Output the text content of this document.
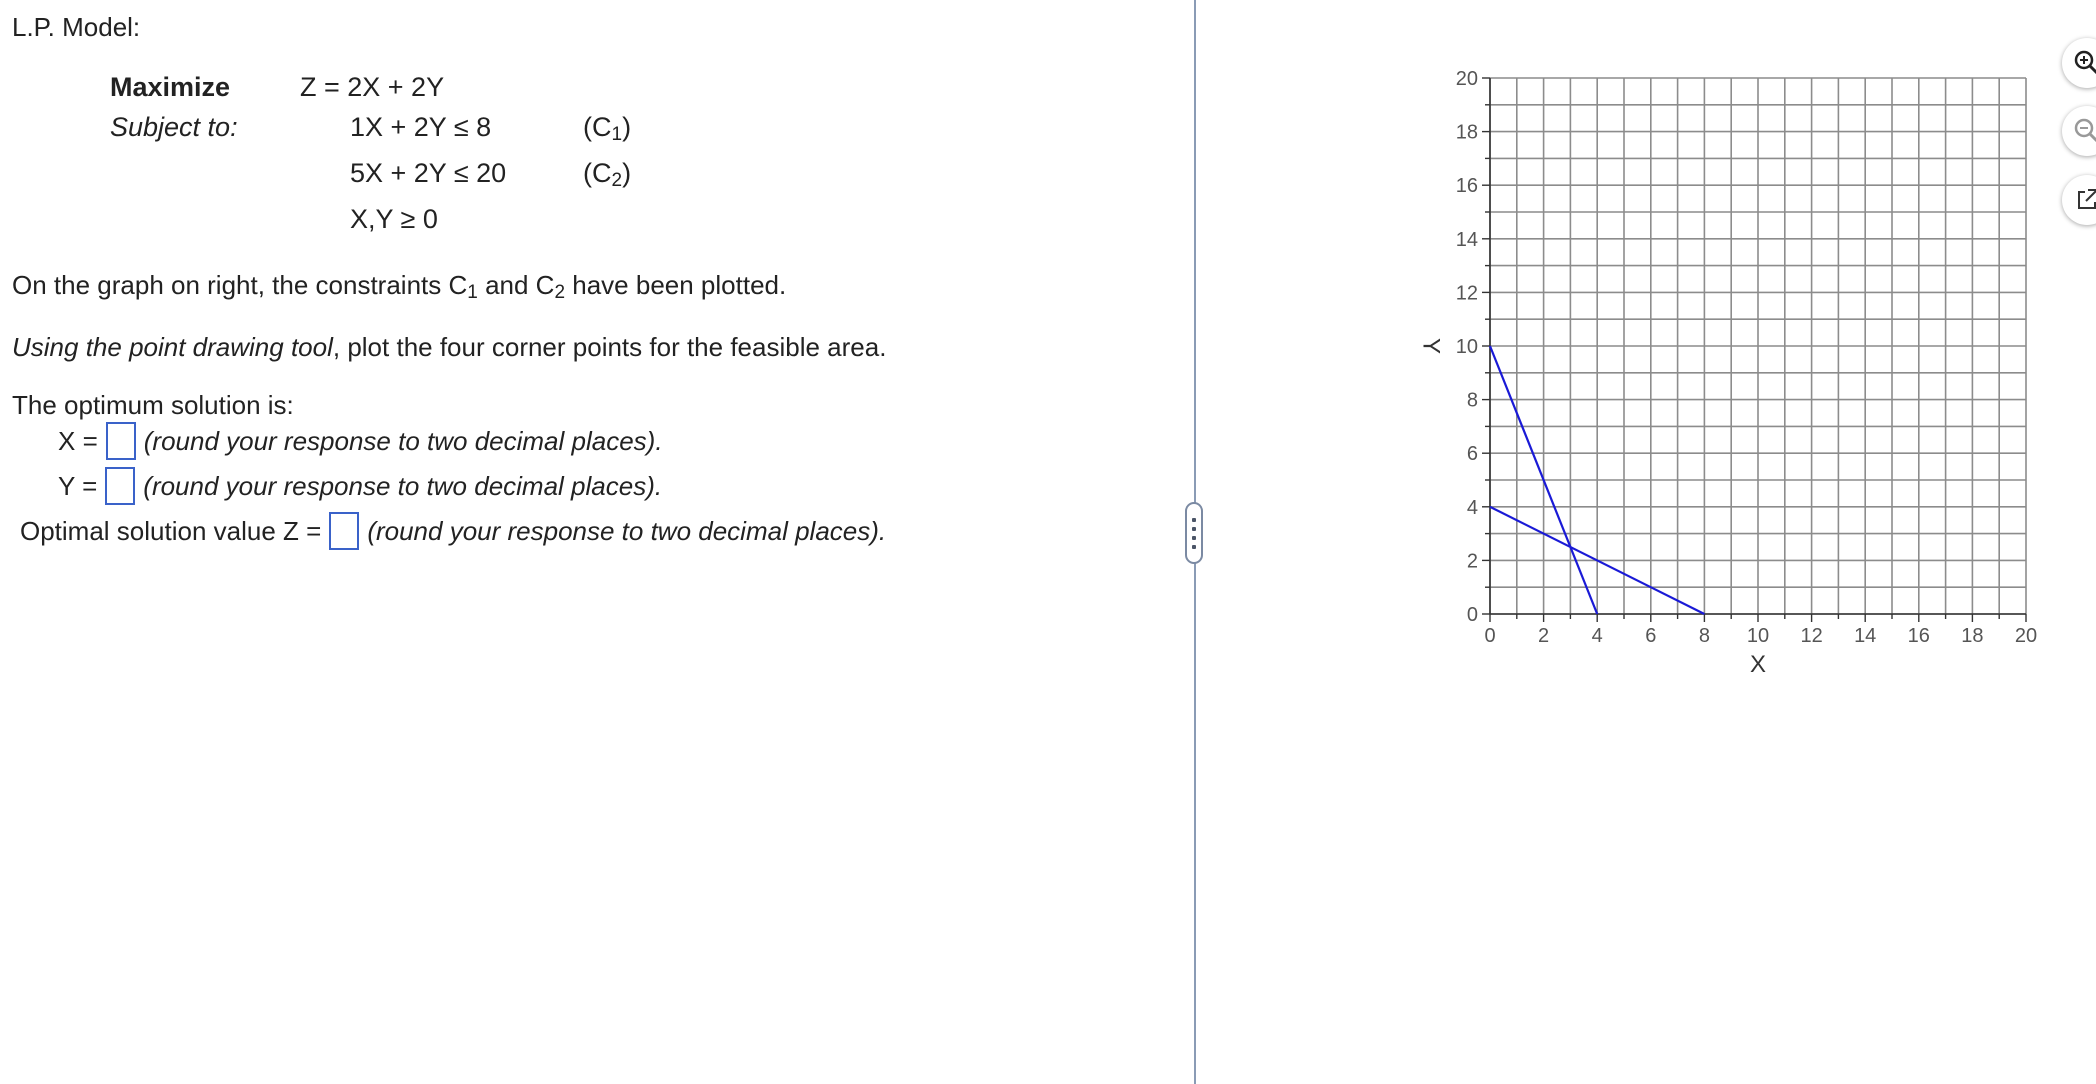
L.P. Model:
Maximize	Z = 2X + 2Y
Subject to:	1X + 2Y ≤ 8	$(C_1)$
5X + 2Y ≤ 20	$(C_2)$
X,Y ≥ 0
On the graph on right, the constraints $C_1$ and $C_2$ have been plotted.
Using the point drawing tool, plot the four corner points for the feasible area.
The optimum solution is:
X = (round your response to two decimal places).
Y = (round your response to two decimal places).
Optimal solution value Z = (round your response to two decimal places).
0 2 4 6 8 10 12 14 16 18 20
0
2
4
6
8
10
12
14
16
18
20
X
Y
